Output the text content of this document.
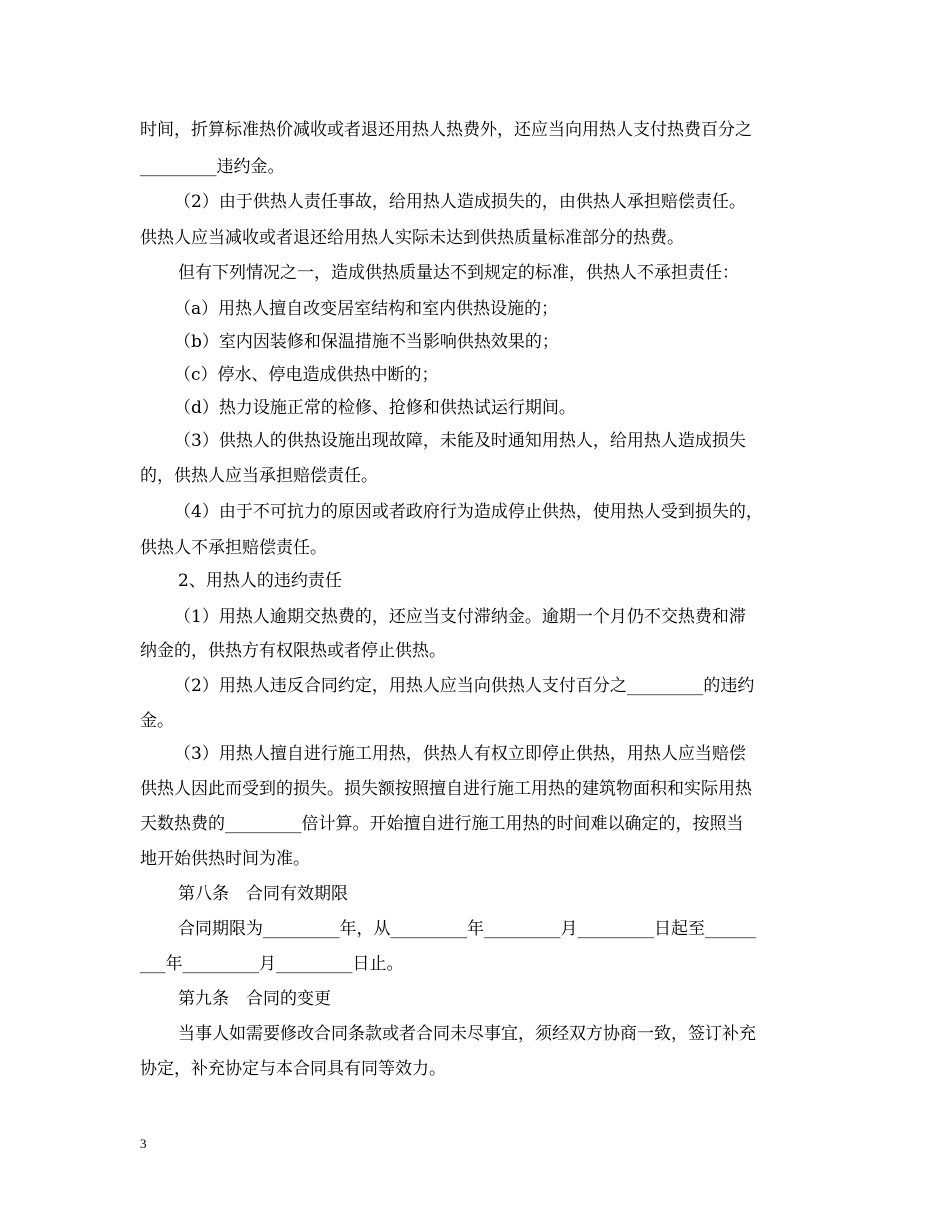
时间，折算标准热价减收或者退还用热人热费外，还应当向用热人支付热费百分之
_________违约金。
（2）由于供热人责任事故，给用热人造成损失的，由供热人承担赔偿责任。
供热人应当减收或者退还给用热人实际未达到供热质量标准部分的热费。
但有下列情况之一，造成供热质量达不到规定的标准，供热人不承担责任：
（a）用热人擅自改变居室结构和室内供热设施的；
（b）室内因装修和保温措施不当影响供热效果的；
（c）停水、停电造成供热中断的；
（d）热力设施正常的检修、抢修和供热试运行期间。
（3）供热人的供热设施出现故障，未能及时通知用热人，给用热人造成损失
的，供热人应当承担赔偿责任。
（4）由于不可抗力的原因或者政府行为造成停止供热，使用热人受到损失的，
供热人不承担赔偿责任。
2、用热人的违约责任
（1）用热人逾期交热费的，还应当支付滞纳金。逾期一个月仍不交热费和滞
纳金的，供热方有权限热或者停止供热。
（2）用热人违反合同约定，用热人应当向供热人支付百分之_________的违约
金。
（3）用热人擅自进行施工用热，供热人有权立即停止供热，用热人应当赔偿
供热人因此而受到的损失。损失额按照擅自进行施工用热的建筑物面积和实际用热
天数热费的_________倍计算。开始擅自进行施工用热的时间难以确定的，按照当
地开始供热时间为准。
第八条　合同有效期限
合同期限为_________年，从_________年_________月_________日起至______
___年_________月_________日止。
第九条　合同的变更
当事人如需要修改合同条款或者合同未尽事宜，须经双方协商一致，签订补充
协定，补充协定与本合同具有同等效力。
3
